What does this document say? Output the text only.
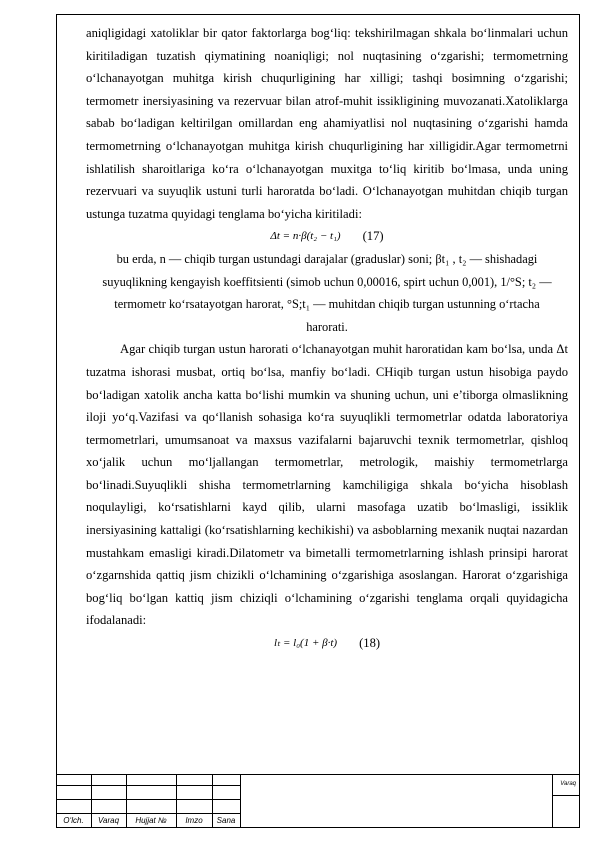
aniqligidagi xatoliklar bir qator faktorlarga bog‘liq: tekshirilmagan shkala bo‘linmalari uchun kiritiladigan tuzatish qiymatining noaniqligi; nol nuqtasining o‘zgarishi; termometrning o‘lchanayotgan muhitga kirish chuqurligining har xilligi; tashqi bosimning o‘zgarishi; termometr inersiyasining va rezervuar bilan atrof-muhit issikligining muvozanati.Xatoliklarga sabab bo‘ladigan keltirilgan omillardan eng ahamiyatlisi nol nuqtasining o‘zgarishi hamda termometrning o‘lchanayotgan muhitga kirish chuqurligining har xilligidir.Agar termometrni ishlatilish sharoitlariga ko‘ra o‘lchanayotgan muxitga to‘liq kiritib bo‘lmasa, unda uning rezervuari va suyuqlik ustuni turli haroratda bo‘ladi. O‘lchanayotgan muhitdan chiqib turgan ustunga tuzatma quyidagi tenglama bo‘yicha kiritiladi:

Δt = n·β(t₂ − t₁) (17)

bu erda, n — chiqib turgan ustundagi darajalar (graduslar) soni; βt₁ , t₂ — shishadagi suyuqlikning kengayish koeffitsienti (simob uchun 0,00016, spirt uchun 0,001), 1/°S; t₂ — termometr ko‘rsatayotgan harorat, °S;t₁ — muhitdan chiqib turgan ustunning o‘rtacha harorati.

Agar chiqib turgan ustun harorati o‘lchanayotgan muhit haroratidan kam bo‘lsa, unda Δt tuzatma ishorasi musbat, ortiq bo‘lsa, manfiy bo‘ladi. CHiqib turgan ustun hisobiga paydo bo‘ladigan xatolik ancha katta bo‘lishi mumkin va shuning uchun, uni e’tiborga olmaslikning iloji yo‘q.Vazifasi va qo‘llanish sohasiga ko‘ra suyuqlikli termometrlar odatda laboratoriya termometrlari, umumsanoat va maxsus vazifalarni bajaruvchi texnik termometrlar, qishloq xo‘jalik uchun mo‘ljallangan termometrlar, metrologik, maishiy termometrlarga bo‘linadi.Suyuqlikli shisha termometrlarning kamchiligiga shkala bo‘yicha hisoblash noqulayligi, ko‘rsatishlarni kayd qilib, ularni masofaga uzatib bo‘lmasligi, issiklik inersiyasining kattaligi (ko‘rsatishlarning kechikishi) va asboblarning mexanik nuqtai nazardan mustahkam emasligi kiradi.Dilatometr va bimetalli termometrlarning ishlash prinsipi harorat o‘zgarnshida qattiq jism chizikli o‘lchamining o‘zgarishiga asoslangan. Harorat o‘zgarishiga bog‘liq bo‘lgan kattiq jism chiziqli o‘lchamining o‘zgarishi tenglama orqali quyidagicha ifodalanadi:

lₜ = l₀(1 + β·t) (18)
O‘lch.	Varaq	Hujjat №	Imzo	Sana
Varaq
